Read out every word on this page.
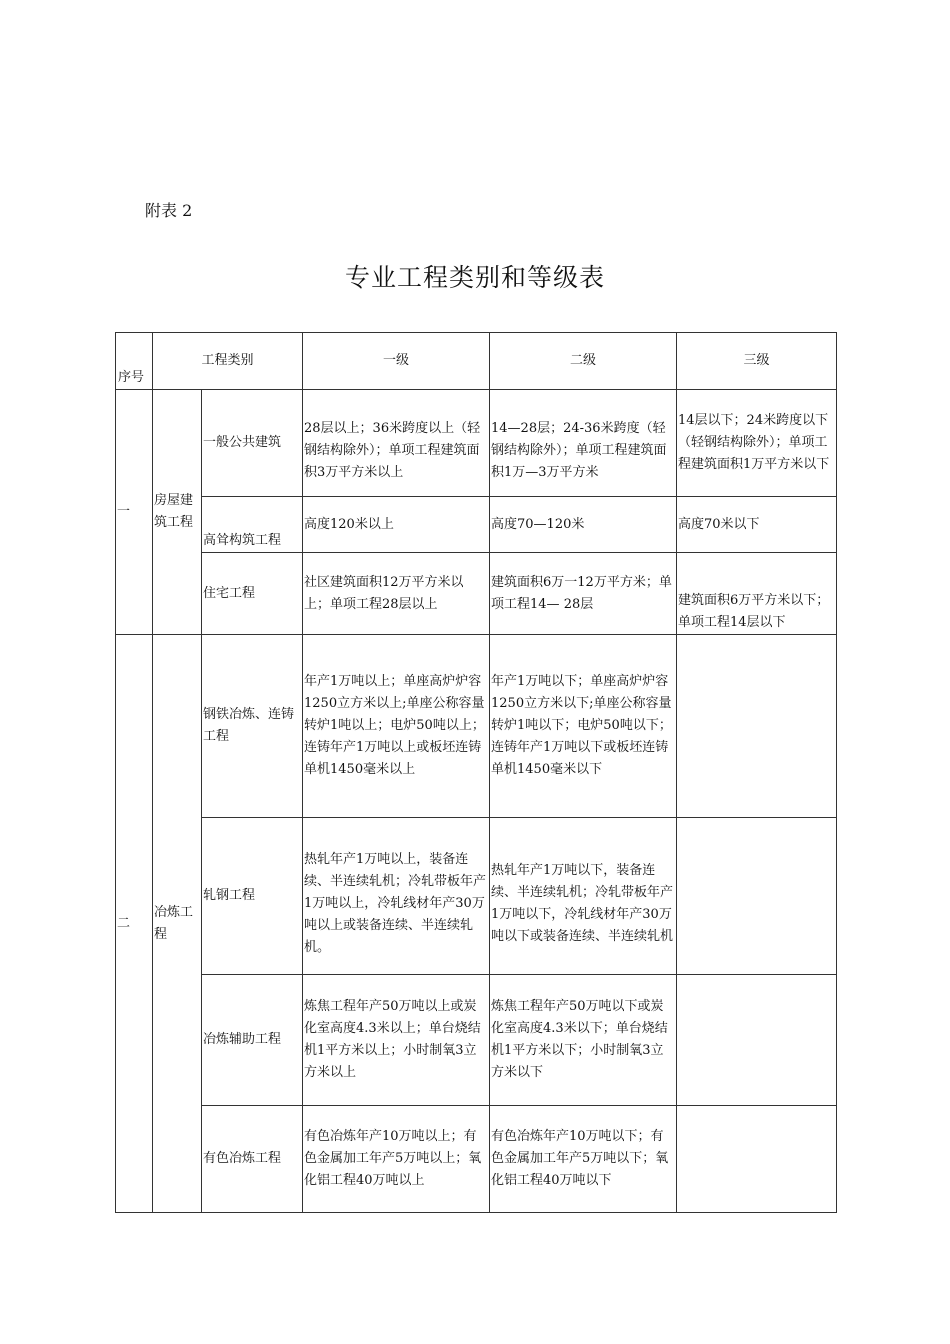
附表 2
专业工程类别和等级表
序号	工程类别		一级	二级	三级
一	房屋建筑工程	一般公共建筑	28层以上；36米跨度以上（轻钢结构除外）；单项工程建筑面积3万平方米以上	14—28层；24-36米跨度（轻钢结构除外）；单项工程建筑面积1万—3万平方米	14层以下；24米跨度以下（轻钢结构除外）；单项工程建筑面积1万平方米以下
		高耸构筑工程	高度120米以上	高度70—120米	高度70米以下
		住宅工程	社区建筑面积12万平方米以上；单项工程28层以上	建筑面积6万一12万平方米；单项工程14— 28层	建筑面积6万平方米以下；单项工程14层以下
二	冶炼工程	钢铁冶炼、连铸工程	年产1万吨以上；单座高炉炉容1250立方米以上;单座公称容量转炉1吨以上；电炉50吨以上；连铸年产1万吨以上或板坯连铸单机1450毫米以上	年产1万吨以下；单座高炉炉容1250立方米以下;单座公称容量转炉1吨以下；电炉50吨以下；连铸年产1万吨以下或板坯连铸单机1450毫米以下	
		轧钢工程	热轧年产1万吨以上，装备连续、半连续轧机；冷轧带板年产1万吨以上，冷轧线材年产30万吨以上或装备连续、半连续轧机。	热轧年产1万吨以下，装备连续、半连续轧机；冷轧带板年产1万吨以下，冷轧线材年产30万吨以下或装备连续、半连续轧机	
		冶炼辅助工程	炼焦工程年产50万吨以上或炭化室高度4.3米以上；单台烧结机1平方米以上；小时制氧3立方米以上	炼焦工程年产50万吨以下或炭化室高度4.3米以下；单台烧结机1平方米以下；小时制氧3立方米以下	
		有色冶炼工程	有色冶炼年产10万吨以上；有色金属加工年产5万吨以上；氧化铝工程40万吨以上	有色冶炼年产10万吨以下；有色金属加工年产5万吨以下；氧化铝工程40万吨以下	
